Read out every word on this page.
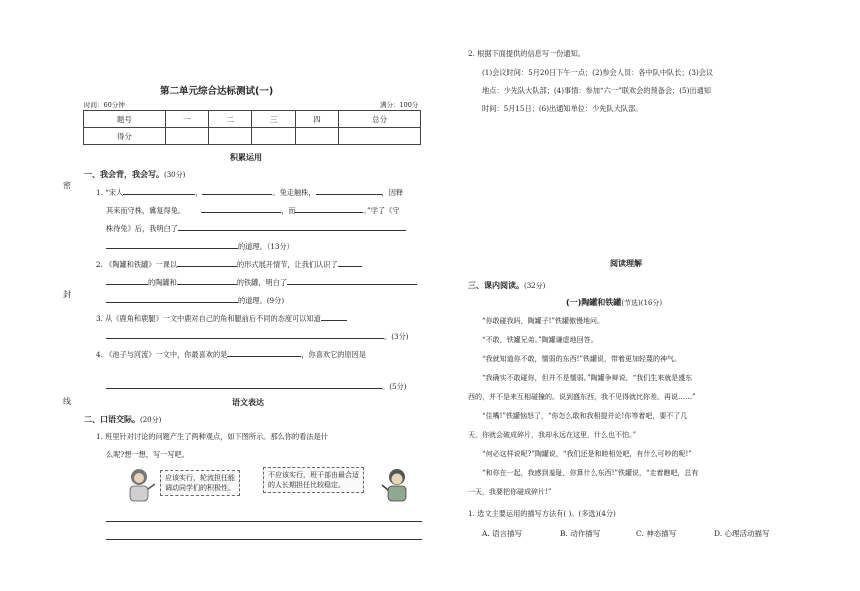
第二单元综合达标测试(一)
时间：60分钟	满分：100分
题号	一	二	三	四	总分
得分					
密
封
线
积累运用
一、我会背，我会写。(30分)
1. “宋人	，	。兔走触株，	，因释
其耒而守株，冀复得兔。	，而	。”学了《守
株待兔》后，我明白了
的道理。（13分）
2. 《陶罐和铁罐》一课以	的形式展开情节，让我们认识了
的陶罐和	的铁罐，明白了
的道理。(9分)
3. 从《鹿角和鹿腿》一文中鹿对自己的角和腿前后不同的态度可以知道
。(3分)
4. 《池子与河流》一文中，你最喜欢的是	，你喜欢它的原因是
。(5分)
语文表达
二、口语交际。(20分)
1. 班里针对讨论的问题产生了两种观点，如下图所示。那么你的看法是什
么呢?想一想，写一写吧。
应该实行，轮流担任能
调动同学们的积极性。
不应该实行，班干部由最合适
的人长期担任比较稳定。
2. 根据下面提供的信息写一份通知。
(1)会议时间：5月20日下午一点；(2)参会人员：各中队中队长；(3)会议
地点：少先队大队部；(4)事情：参加“六一”联欢会的预备会；(5)出通知
时间：5月15日；(6)出通知单位：少先队大队部。
阅读理解
三、课内阅读。(32分)
(一)陶罐和铁罐(节选)(16分)
“你敢碰我吗，陶罐子!”铁罐傲慢地问。
“不敢，铁罐兄弟。”陶罐谦虚地回答。
“我就知道你不敢，懦弱的东西!”铁罐说，带着更加轻蔑的神气。
“我确实不敢碰你，但并不是懦弱。”陶罐争辩说，“我们生来就是盛东
西的，并不是来互相碰撞的。说到盛东西，我不见得就比你差。再说……”
“住嘴!”铁罐恼怒了，“你怎么敢和我相提并论!你等着吧，要不了几
天，你就会破成碎片，我却永远在这里，什么也不怕。”
“何必这样说呢?”陶罐说，“我们还是和睦相处吧，有什么可吵的呢!”
“和你在一起，我感到羞耻，你算什么东西!”铁罐说，“走着瞧吧，总有
一天，我要把你碰成碎片!”
1. 选文主要运用的描写方法有( )。(多选)(4分)
A. 语言描写	B. 动作描写	C. 神态描写	D. 心理活动描写
